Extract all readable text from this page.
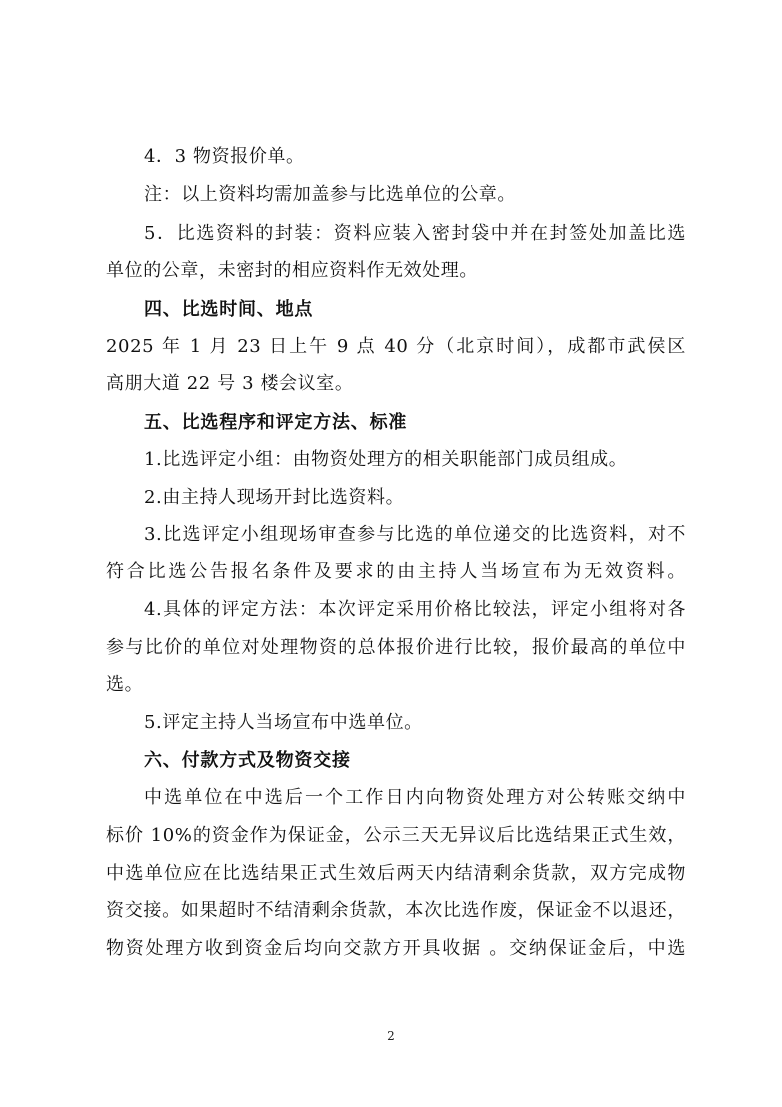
4．3 物资报价单。
注：以上资料均需加盖参与比选单位的公章。
5．比选资料的封装：资料应装入密封袋中并在封签处加盖比选
单位的公章，未密封的相应资料作无效处理。
四、比选时间、地点
2025 年 1 月 23 日上午 9 点 40 分（北京时间），成都市武侯区
高朋大道 22 号 3 楼会议室。
五、比选程序和评定方法、标准
1.比选评定小组：由物资处理方的相关职能部门成员组成。
2.由主持人现场开封比选资料。
3.比选评定小组现场审查参与比选的单位递交的比选资料，对不
符合比选公告报名条件及要求的由主持人当场宣布为无效资料。
4.具体的评定方法：本次评定采用价格比较法，评定小组将对各
参与比价的单位对处理物资的总体报价进行比较，报价最高的单位中
选。
5.评定主持人当场宣布中选单位。
六、付款方式及物资交接
中选单位在中选后一个工作日内向物资处理方对公转账交纳中
标价 10%的资金作为保证金，公示三天无异议后比选结果正式生效，
中选单位应在比选结果正式生效后两天内结清剩余货款，双方完成物
资交接。如果超时不结清剩余货款，本次比选作废，保证金不以退还，
物资处理方收到资金后均向交款方开具收据 。交纳保证金后，中选
2
